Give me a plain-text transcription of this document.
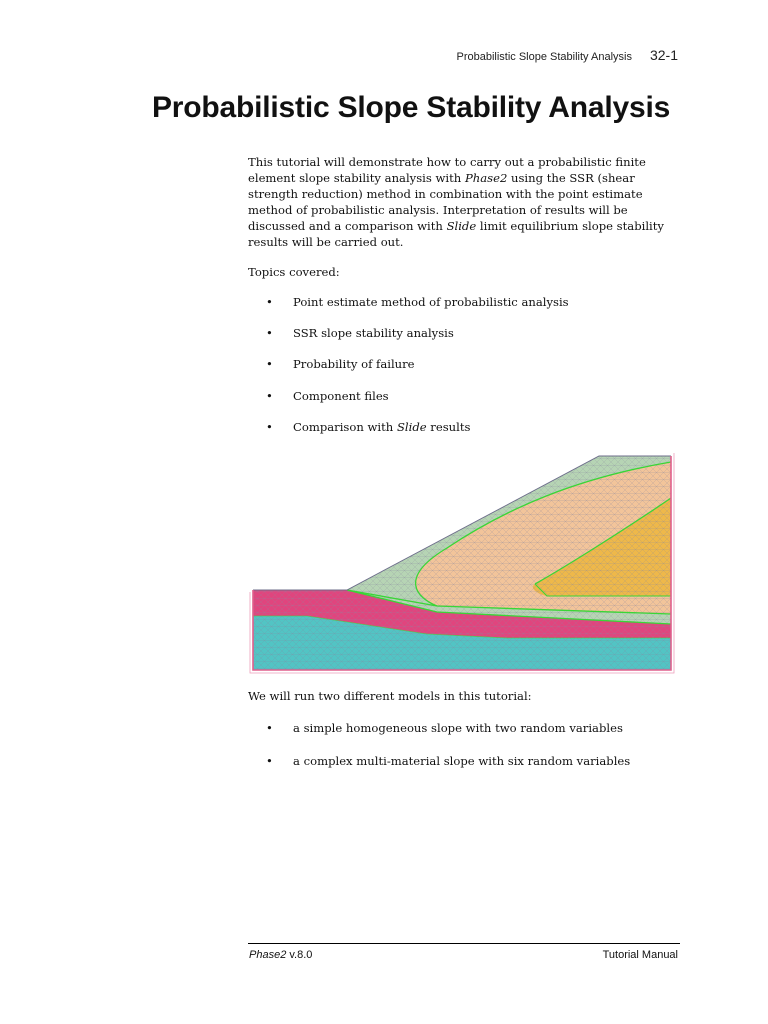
Probabilistic Slope Stability Analysis 32-1
Probabilistic Slope Stability Analysis
This tutorial will demonstrate how to carry out a probabilistic finite element slope stability analysis with Phase2 using the SSR (shear strength reduction) method in combination with the point estimate method of probabilistic analysis. Interpretation of results will be discussed and a comparison with Slide limit equilibrium slope stability results will be carried out.
Topics covered:
• Point estimate method of probabilistic analysis
• SSR slope stability analysis
• Probability of failure
• Component files
• Comparison with Slide results
We will run two different models in this tutorial:
• a simple homogeneous slope with two random variables
• a complex multi-material slope with six random variables
Phase2 v.8.0	Tutorial Manual
